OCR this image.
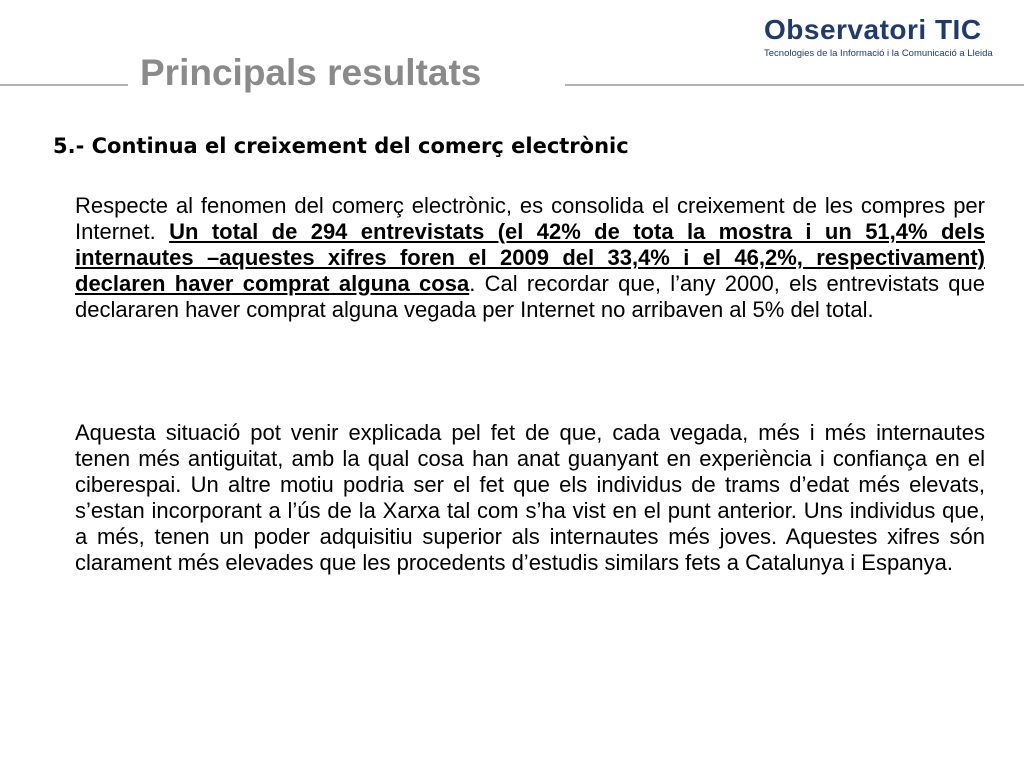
Principals resultats
Observatori TIC
Tecnologies de la Informació i la Comunicació a Lleida
5.- Continua el creixement del comerç electrònic
Respecte al fenomen del comerç electrònic, es consolida el creixement de les compres per Internet. Un total de 294 entrevistats (el 42% de tota la mostra i un 51,4% dels internautes –aquestes xifres foren el 2009 del 33,4% i el 46,2%, respectivament) declaren haver comprat alguna cosa. Cal recordar que, l’any 2000, els entrevistats que declararen haver comprat alguna vegada per Internet no arribaven al 5% del total.
Aquesta situació pot venir explicada pel fet de que, cada vegada, més i més internautes tenen més antiguitat, amb la qual cosa han anat guanyant en experiència i confiança en el ciberespai. Un altre motiu podria ser el fet que els individus de trams d’edat més elevats, s’estan incorporant a l’ús de la Xarxa tal com s’ha vist en el punt anterior. Uns individus que, a més, tenen un poder adquisitiu superior als internautes més joves. Aquestes xifres són clarament més elevades que les procedents d’estudis similars fets a Catalunya i Espanya.
